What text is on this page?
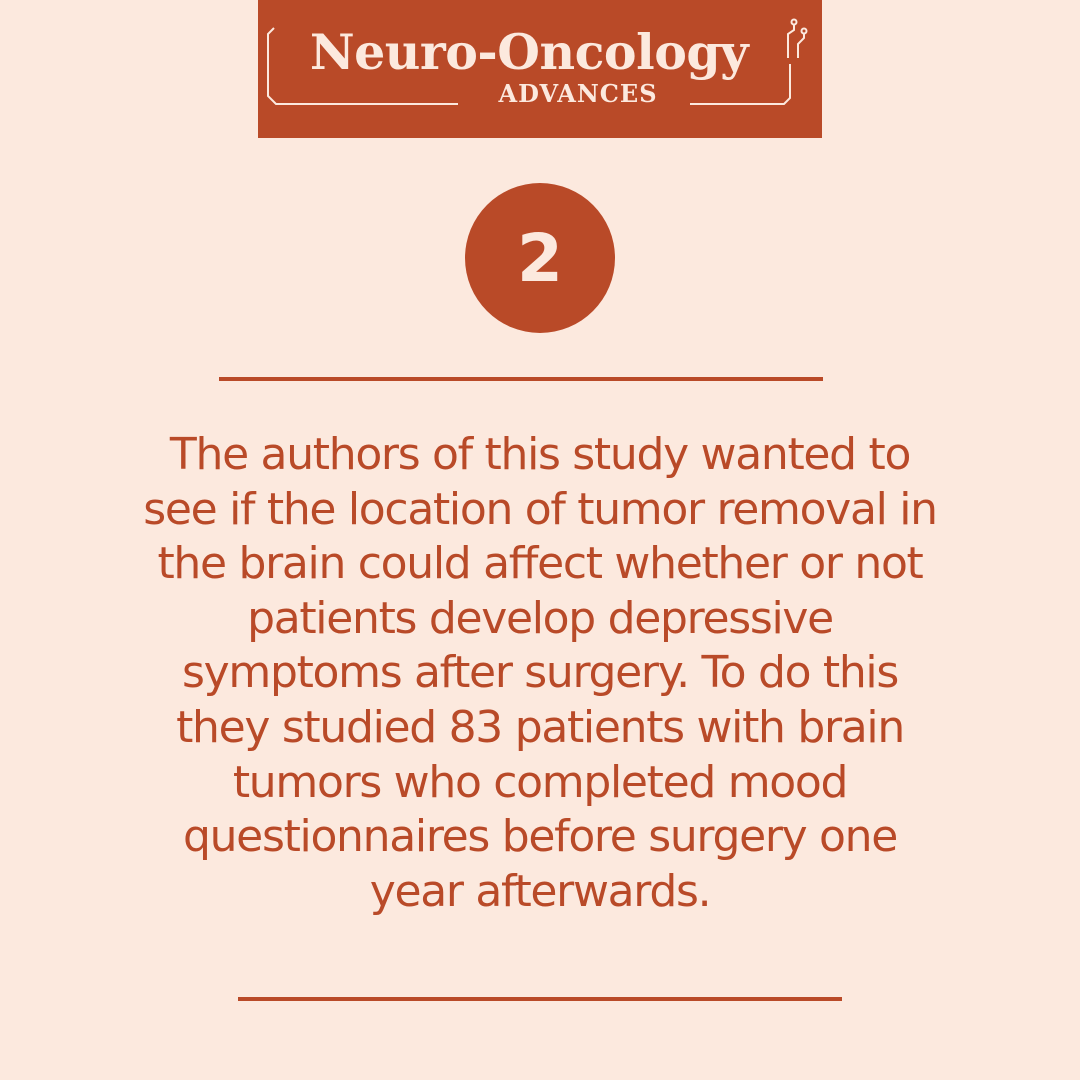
Neuro-Oncology
ADVANCES
2

The authors of this study wanted to
see if the location of tumor removal in
the brain could affect whether or not
patients develop depressive
symptoms after surgery. To do this
they studied 83 patients with brain
tumors who completed mood
questionnaires before surgery one
year afterwards.
